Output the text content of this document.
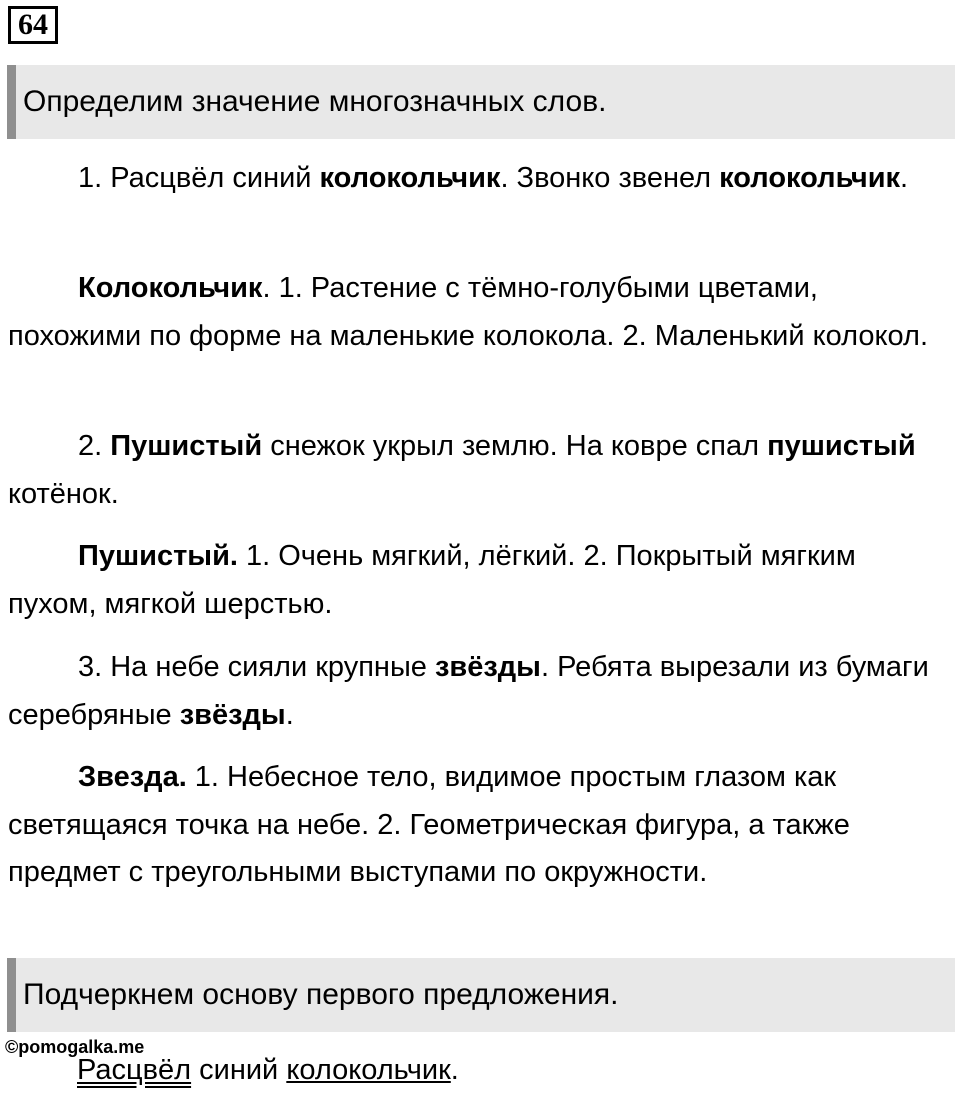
64
Определим значение многозначных слов.

1. Расцвёл синий колокольчик. Звонко звенел колокольчик.

Колокольчик. 1. Растение с тёмно-голубыми цветами, похожими по форме на маленькие колокола. 2. Маленький колокол.

2. Пушистый снежок укрыл землю. На ковре спал пушистый котёнок.

Пушистый. 1. Очень мягкий, лёгкий. 2. Покрытый мягким пухом, мягкой шерстью.

3. На небе сияли крупные звёзды. Ребята вырезали из бумаги серебряные звёзды.

Звезда. 1. Небесное тело, видимое простым глазом как светящаяся точка на небе. 2. Геометрическая фигура, а также предмет с треугольными выступами по окружности.

Подчеркнем основу первого предложения.
©pomogalka.me
Расцвёл синий колокольчик.
